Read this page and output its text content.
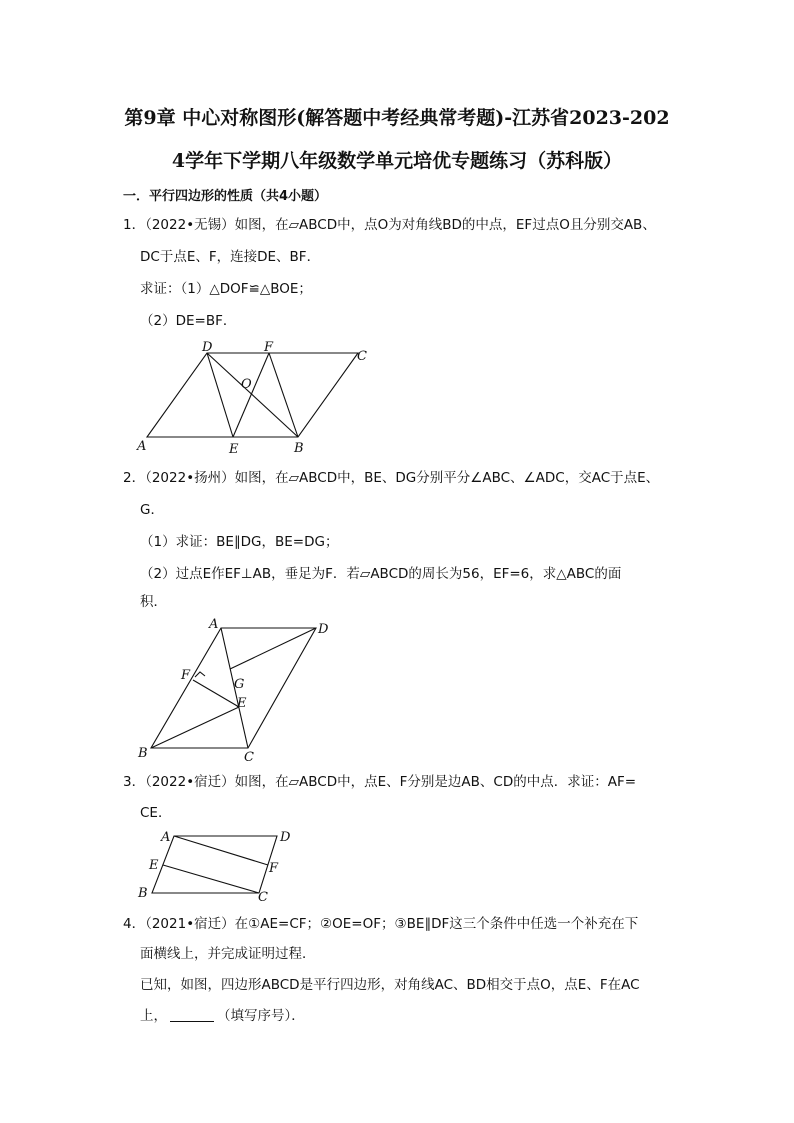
第9章 中心对称图形(解答题中考经典常考题)-江苏省2023-202
4学年下学期八年级数学单元培优专题练习（苏科版）
一．平行四边形的性质（共4小题）
1．（2022•无锡）如图，在▱ABCD中，点O为对角线BD的中点，EF过点O且分别交AB、
DC于点E、F，连接DE、BF．
求证：（1）△DOF≌△BOE；
（2）DE=BF．
A	B
C
D
E
F
O
A
B	C
D
E
F
G
A
B	C
D
E	F
2．（2022•扬州）如图，在▱ABCD中，BE、DG分别平分∠ABC、∠ADC，交AC于点E、
G．
（1）求证：BE∥DG，BE=DG；
（2）过点E作EF⊥AB，垂足为F．若▱ABCD的周长为56，EF=6，求△ABC的面
积．
3．（2022•宿迁）如图，在▱ABCD中，点E、F分别是边AB、CD的中点．求证：AF=
CE．
4．（2021•宿迁）在①AE=CF；②OE=OF；③BE∥DF这三个条件中任选一个补充在下
面横线上，并完成证明过程．
已知，如图，四边形ABCD是平行四边形，对角线AC、BD相交于点O，点E、F在AC
上，	（填写序号）．
